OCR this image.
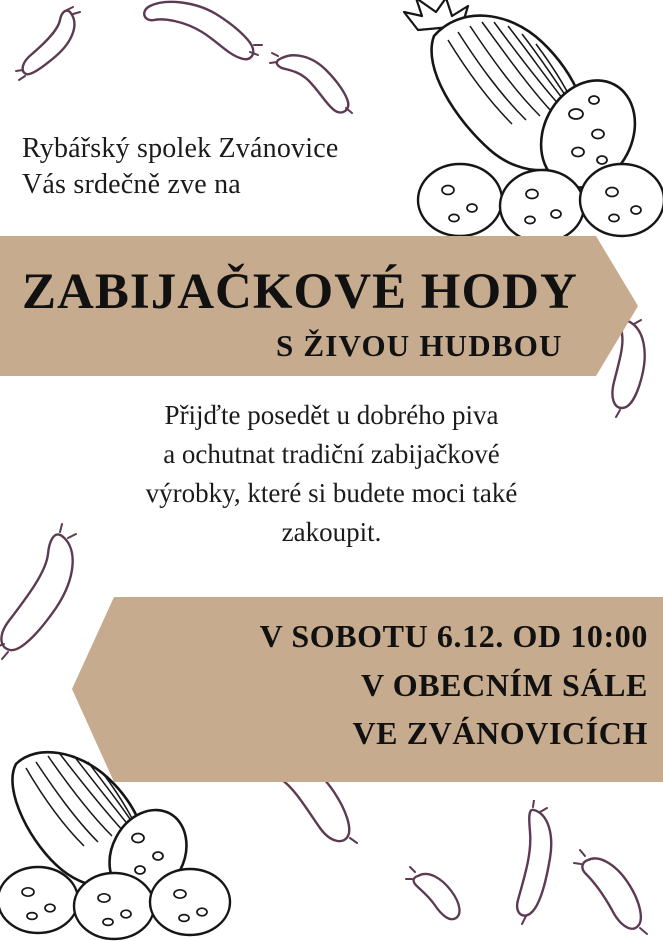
Rybářský spolek Zvánovice
Vás srdečně zve na
ZABIJAČKOVÉ HODY
S ŽIVOU HUDBOU
Přijďte posedět u dobrého piva
a ochutnat tradiční zabijačkové
výrobky, které si budete moci také
zakoupit.
V SOBOTU 6.12. OD 10:00
V OBECNÍM SÁLE
VE ZVÁNOVICÍCH
